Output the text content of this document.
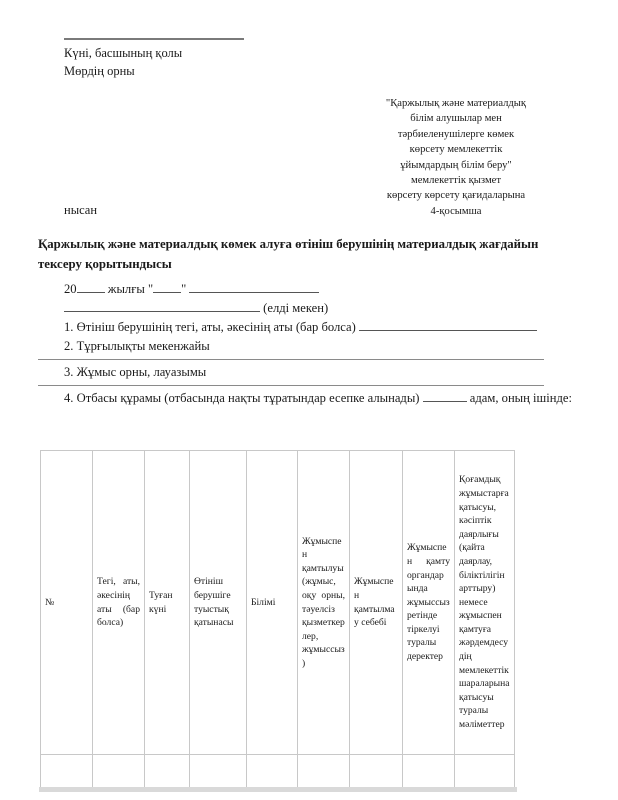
Күні, басшының қолы
Мөрдің орны
"Қаржылық және материалдық
білім алушылар мен
тәрбиеленушілерге көмек
көрсету мемлекеттік
ұйымдардың білім беру"
мемлекеттік қызмет
көрсету көрсету қағидаларына
4-қосымша
нысан
Қаржылық және материалдық көмек алуға өтініш берушінің материалдық жағдайын тексеру қорытындысы
20 жылғы " "
(елді мекен)
1. Өтініш берушінің тегі, аты, әкесінің аты (бар болса)
2. Тұрғылықты мекенжайы
3. Жұмыс орны, лауазымы
4. Отбасы құрамы (отбасында нақты тұратындар есепке алынады)	адам, оның ішінде:
№	Тегі, аты, әкесінің аты (бар болса)	Туған күні	Өтініш берушіге туыстық қатынасы	Білімі	Жұмыспен қамтылуы (жұмыс, оқу орны, тәуелсіз қызметкерлер, жұмыссыз)	Жұмыспен қамтылмау себебі	Жұмыспен қамту органдарында жұмыссыз ретінде тіркелуі туралы деректер	Қоғамдық жұмыстарға қатысуы, кәсіптік даярлығы (қайта даярлау, біліктілігін арттыру) немесе жұмыспен қамтуға жәрдемдесудің мемлекеттік шараларына қатысуы туралы мәліметтер
